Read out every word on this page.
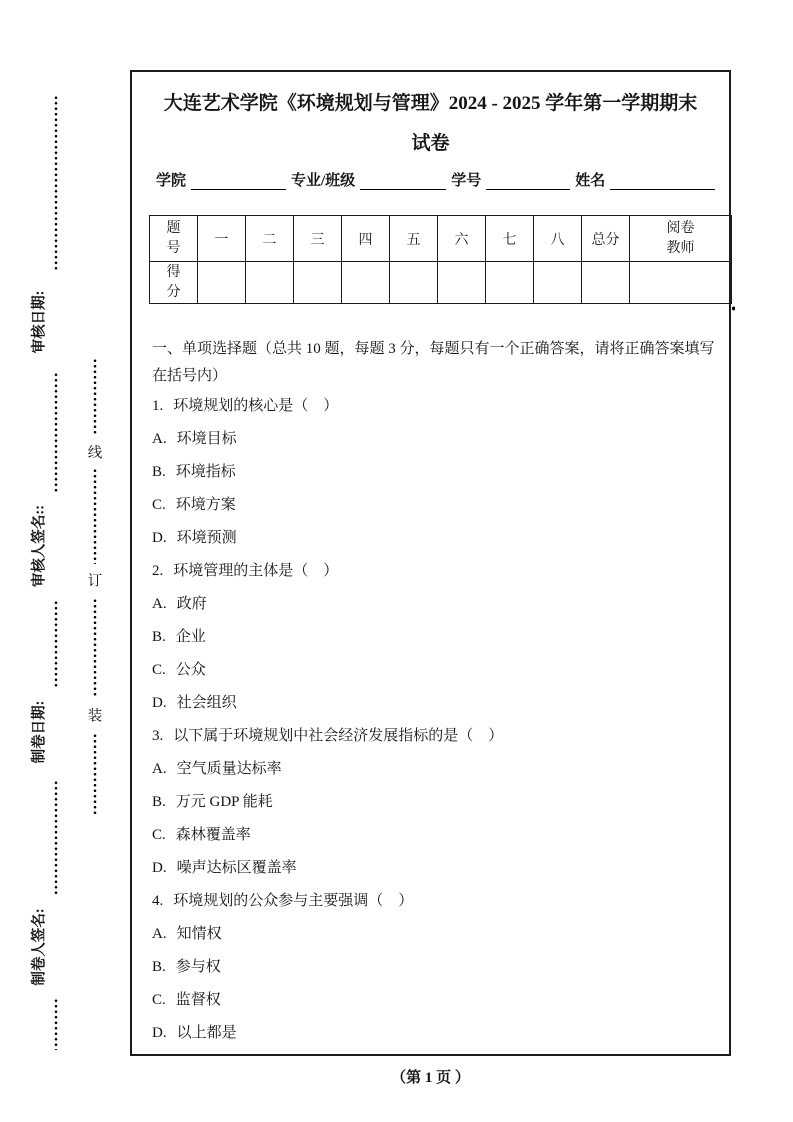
审核日期:
审核人签名::
制卷日期:
制卷人签名:
线
订
装
大连艺术学院《环境规划与管理》2024 - 2025 学年第一学期期末
试卷
学院	专业/班级	学号	姓名
题号	一	二	三	四	五	六	七	八	总分	阅卷教师
得分										
一、单项选择题（总共 10 题，每题 3 分，每题只有一个正确答案，请将正确答案填写在括号内）
1. 环境规划的核心是（　）
A. 环境目标
B. 环境指标
C. 环境方案
D. 环境预测
2. 环境管理的主体是（　）
A. 政府
B. 企业
C. 公众
D. 社会组织
3. 以下属于环境规划中社会经济发展指标的是（　）
A. 空气质量达标率
B. 万元 GDP 能耗
C. 森林覆盖率
D. 噪声达标区覆盖率
4. 环境规划的公众参与主要强调（　）
A. 知情权
B. 参与权
C. 监督权
D. 以上都是
（第 1 页 ）
